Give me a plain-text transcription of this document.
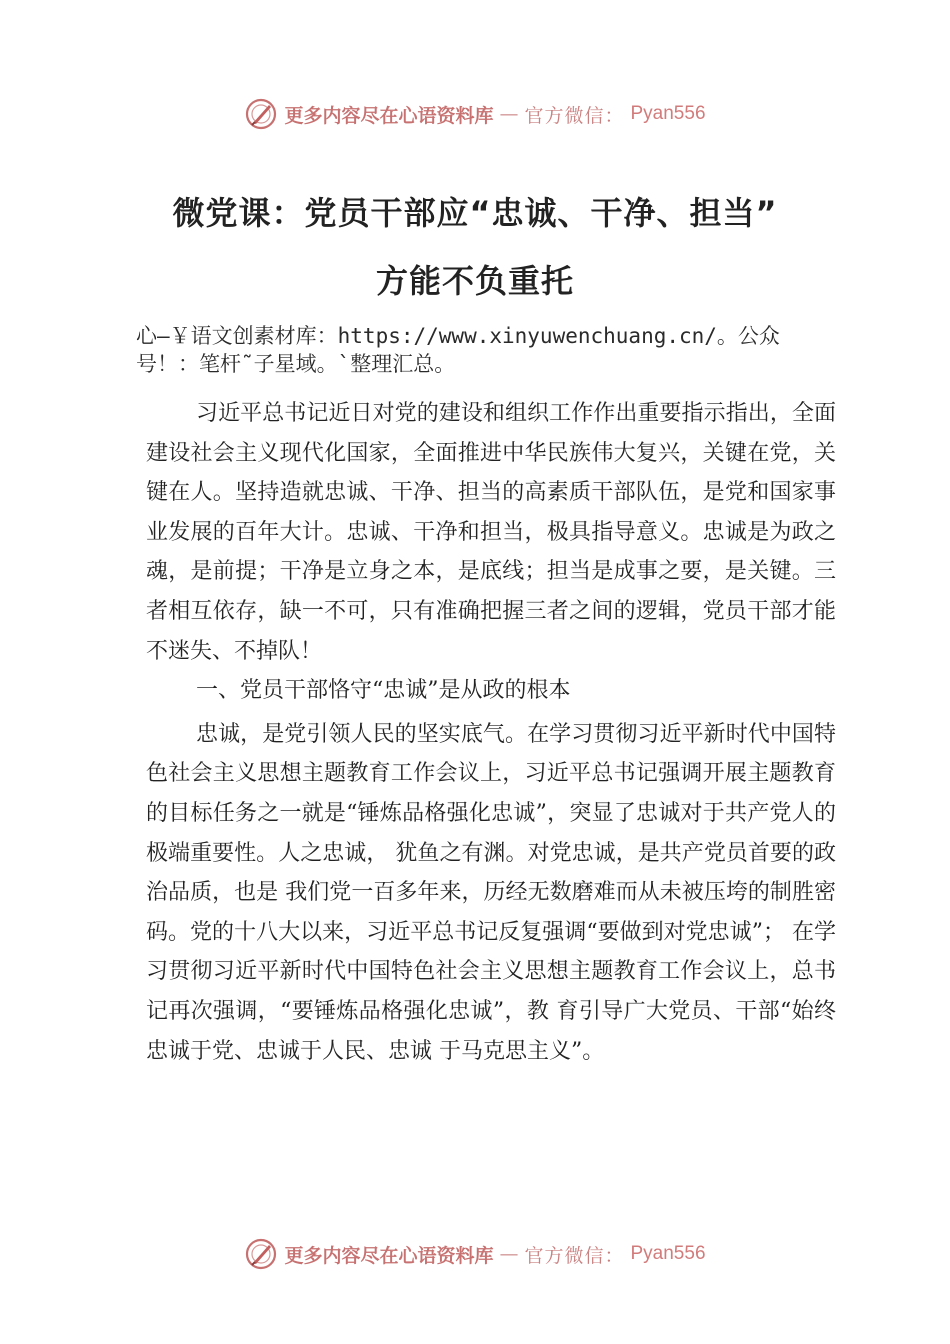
更多内容尽在心语资料库 — 官方微信： Pyan556
微党课：党员干部应“忠诚、干净、担当”
方能不负重托
心—￥语文创素材库：https://www.xinyuwenchuang.cn/。公众号！：笔杆˜子星域。`整理汇总。

习近平总书记近日对党的建设和组织工作作出重要指示指出，全面建设社会主义现代化国家，全面推进中华民族伟大复兴，关键在党，关键在人。坚持造就忠诚、干净、担当的高素质干部队伍，是党和国家事业发展的百年大计。忠诚、干净和担当，极具指导意义。忠诚是为政之魂，是前提；干净是立身之本，是底线；担当是成事之要，是关键。三者相互依存，缺一不可，只有准确把握三者之间的逻辑，党员干部才能不迷失、不掉队！

一、党员干部恪守“忠诚”是从政的根本

忠诚，是党引领人民的坚实底气。在学习贯彻习近平新时代中国特色社会主义思想主题教育工作会议上，习近平总书记强调开展主题教育的目标任务之一就是“锤炼品格强化忠诚”，突显了忠诚对于共产党人的极端重要性。人之忠诚， 犹鱼之有渊。对党忠诚，是共产党员首要的政治品质，也是 我们党一百多年来，历经无数磨难而从未被压垮的制胜密码。党的十八大以来，习近平总书记反复强调“要做到对党忠诚”； 在学习贯彻习近平新时代中国特色社会主义思想主题教育工作会议上，总书记再次强调，“要锤炼品格强化忠诚”，教 育引导广大党员、干部“始终忠诚于党、忠诚于人民、忠诚 于马克思主义”。

更多内容尽在心语资料库 — 官方微信： Pyan556
